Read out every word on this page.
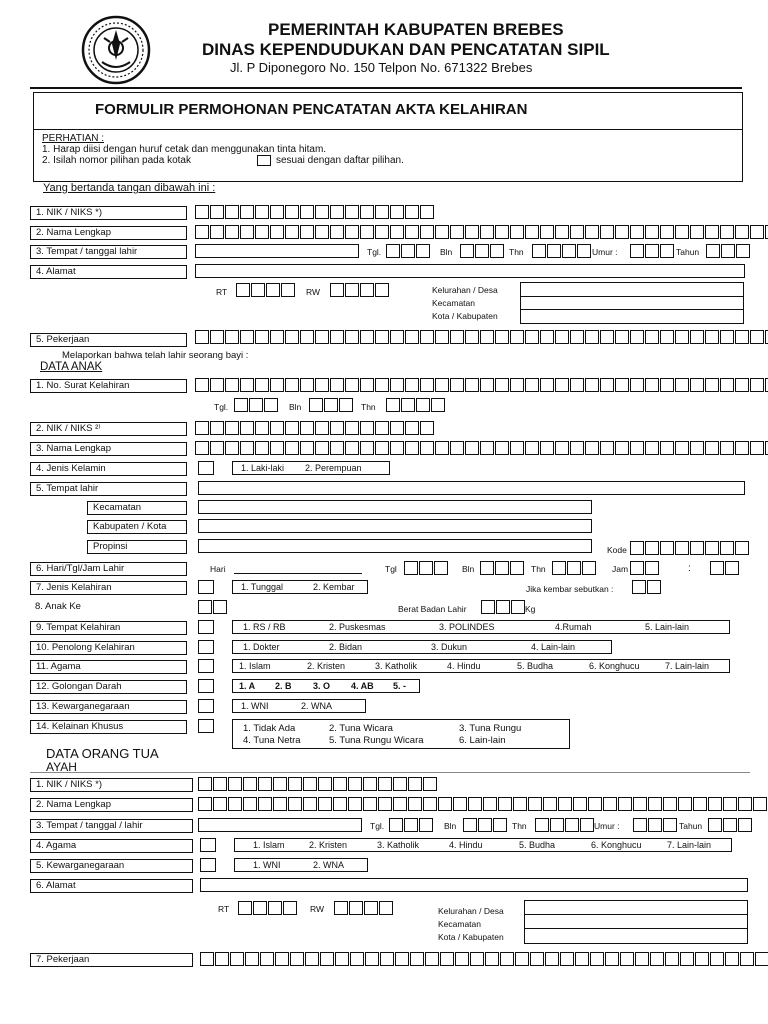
PEMERINTAH KABUPATEN BREBES
DINAS KEPENDUDUKAN DAN PENCATATAN SIPIL
Jl. P Diponegoro No. 150 Telpon No. 671322 Brebes
FORMULIR PERMOHONAN PENCATATAN AKTA KELAHIRAN
PERHATIAN :
1. Harap diisi dengan huruf cetak dan menggunakan tinta hitam.
2. Isilah nomor pilihan pada kotak	sesuai dengan daftar pilihan.
Yang bertanda tangan dibawah ini :
1. NIK / NIKS *)
2. Nama Lengkap
3. Tempat / tanggal lahir	Tgl.	Bln	Thn	Umur :	Tahun
4. Alamat
RT	RW	Kelurahan / Desa
Kecamatan
Kota / Kabupaten
5. Pekerjaan
Melaporkan bahwa telah lahir seorang bayi :
DATA ANAK
1. No. Surat Kelahiran
Tgl.	Bln	Thn
2. NIK / NIKS ²⁾
3. Nama Lengkap
4. Jenis Kelamin	1. Laki-laki 2. Perempuan
5. Tempat lahir
Kecamatan
Kabupaten / Kota
Propinsi	Kode
6. Hari/Tgl/Jam Lahir	Hari	Tgl	Bln	Thn	Jam	:
7. Jenis Kelahiran	1. Tunggal	2. Kembar	Jika kembar sebutkan :
8. Anak Ke	Berat Badan Lahir	Kg
9. Tempat Kelahiran	1. RS / RB	2. Puskesmas	3. POLINDES	4.Rumah	5. Lain-lain
10. Penolong Kelahiran	1. Dokter	2. Bidan	3. Dukun	4. Lain-lain
11. Agama	1. Islam	2. Kristen	3. Katholik	4. Hindu	5. Budha	6. Konghucu	7. Lain-lain
12. Golongan Darah	1. A 2. B 3. O 4. AB 5. -
13. Kewarganegaraan	1. WNI	2. WNA
14. Kelainan Khusus	1. Tidak Ada	2. Tuna Wicara	3. Tuna Rungu
4. Tuna Netra	5. Tuna Rungu Wicara	6. Lain-lain
DATA ORANG TUA
AYAH
1. NIK / NIKS *)
2. Nama Lengkap
3. Tempat / tanggal / lahir	Tgl.	Bln	Thn	Umur :	Tahun
4. Agama	1. Islam	2. Kristen	3. Katholik	4. Hindu	5. Budha	6. Konghucu	7. Lain-lain
5. Kewarganegaraan	1. WNI	2. WNA
6. Alamat
RT	RW	Kelurahan / Desa
Kecamatan
Kota / Kabupaten
7. Pekerjaan
